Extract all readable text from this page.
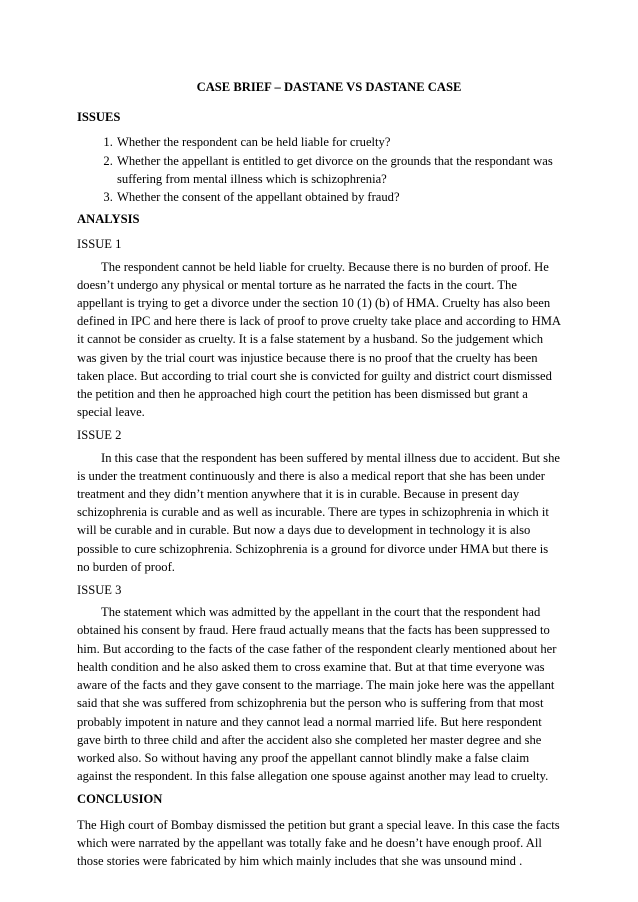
CASE BRIEF – DASTANE VS DASTANE CASE
ISSUES
1. Whether the respondent can be held liable for cruelty?
2. Whether the appellant is entitled to get divorce on the grounds that the respondant was suffering from mental illness which is schizophrenia?
3. Whether the consent of the appellant obtained by fraud?
ANALYSIS
ISSUE 1

The respondent cannot be held liable for cruelty. Because there is no burden of proof. He doesn’t undergo any physical or mental torture as he narrated the facts in the court. The appellant is trying to get a divorce under the section 10 (1) (b) of HMA. Cruelty has also been defined in IPC and here there is lack of proof to prove cruelty take place and according to HMA it cannot be consider as cruelty. It is a false statement by a husband. So the judgement which was given by the trial court was injustice because there is no proof that the cruelty has been taken place. But according to trial court she is convicted for guilty and district court dismissed the petition and then he approached high court the petition has been dismissed but grant a special leave.

ISSUE 2

In this case that the respondent has been suffered by mental illness due to accident. But she is under the treatment continuously and there is also a medical report that she has been under treatment and they didn’t mention anywhere that it is in curable. Because in present day schizophrenia is curable and as well as incurable. There are types in schizophrenia in which it will be curable and in curable. But now a days due to development in technology it is also possible to cure schizophrenia. Schizophrenia is a ground for divorce under HMA but there is no burden of proof.

ISSUE 3

The statement which was admitted by the appellant in the court that the respondent had obtained his consent by fraud. Here fraud actually means that the facts has been suppressed to him. But according to the facts of the case father of the respondent clearly mentioned about her health condition and he also asked them to cross examine that. But at that time everyone was aware of the facts and they gave consent to the marriage. The main joke here was the appellant said that she was suffered from schizophrenia but the person who is suffering from that most probably impotent in nature and they cannot lead a normal married life. But here respondent gave birth to three child and after the accident also she completed her master degree and she worked also. So without having any proof the appellant cannot blindly make a false claim against the respondent. In this false allegation one spouse against another may lead to cruelty.

CONCLUSION

The High court of Bombay dismissed the petition but grant a special leave. In this case the facts which were narrated by the appellant was totally fake and he doesn’t have enough proof. All those stories were fabricated by him which mainly includes that she was unsound mind .
